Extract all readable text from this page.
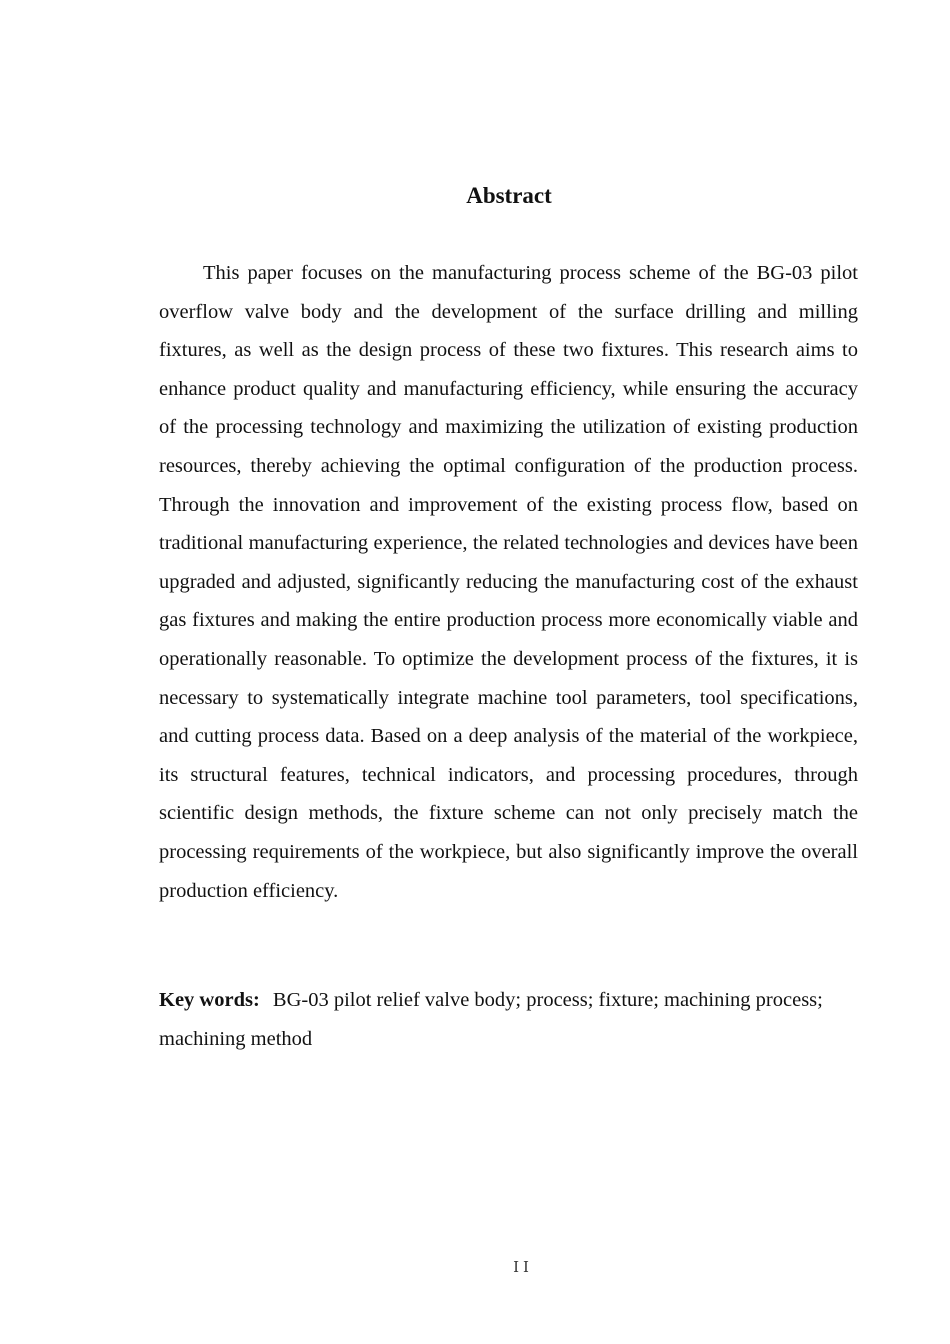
Abstract

This paper focuses on the manufacturing process scheme of the BG-03 pilot overflow valve body and the development of the surface drilling and milling fixtures, as well as the design process of these two fixtures. This research aims to enhance product quality and manufacturing efficiency, while ensuring the accuracy of the processing technology and maximizing the utilization of existing production resources, thereby achieving the optimal configuration of the production process. Through the innovation and improvement of the existing process flow, based on traditional manufacturing experience, the related technologies and devices have been upgraded and adjusted, significantly reducing the manufacturing cost of the exhaust gas fixtures and making the entire production process more economically viable and operationally reasonable. To optimize the development process of the fixtures, it is necessary to systematically integrate machine tool parameters, tool specifications, and cutting process data. Based on a deep analysis of the material of the workpiece, its structural features, technical indicators, and processing procedures, through scientific design methods, the fixture scheme can not only precisely match the processing requirements of the workpiece, but also significantly improve the overall production efficiency.

Key words: BG-03 pilot relief valve body; process; fixture; machining process; machining method

II
